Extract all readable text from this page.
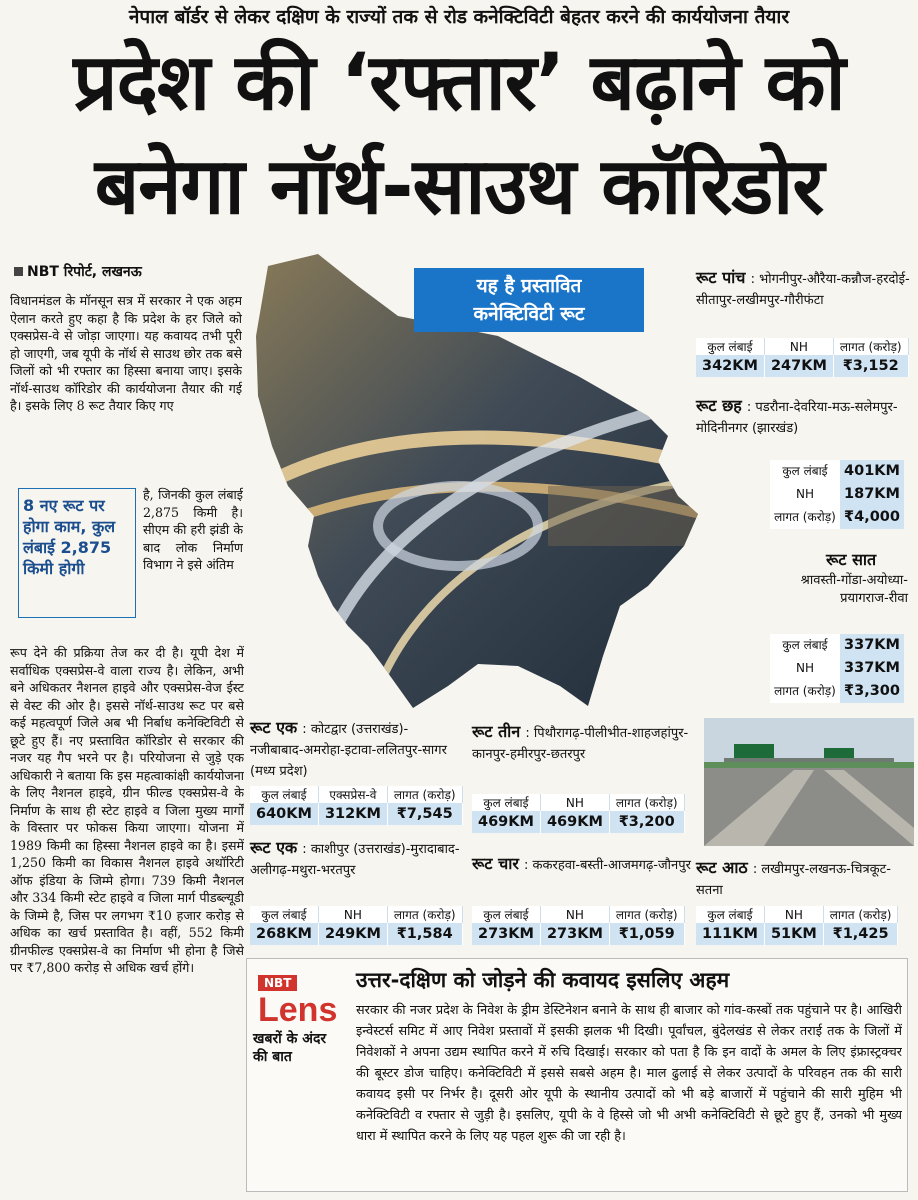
नेपाल बॉर्डर से लेकर दक्षिण के राज्यों तक से रोड कनेक्टिविटी बेहतर करने की कार्ययोजना तैयार
प्रदेश की ‘रफ्तार’ बढ़ाने को
बनेगा नॉर्थ-साउथ कॉरिडोर
NBT रिपोर्ट, लखनऊ
विधानमंडल के मॉनसून सत्र में सरकार ने एक अहम ऐलान करते हुए कहा है कि प्रदेश के हर जिले को एक्सप्रेस-वे से जोड़ा जाएगा। यह कवायद तभी पूरी हो जाएगी, जब यूपी के नॉर्थ से साउथ छोर तक बसे जिलों को भी रफ्तार का हिस्सा बनाया जाए। इसके नॉर्थ-साउथ कॉरिडोर की कार्ययोजना तैयार की गई है। इसके लिए 8 रूट तैयार किए गए
8 नए रूट पर होगा काम, कुल लंबाई 2,875 किमी होगी
है, जिनकी कुल लंबाई 2,875 किमी है। सीएम की हरी झंडी के बाद लोक निर्माण विभाग ने इसे अंतिम
रूप देने की प्रक्रिया तेज कर दी है। यूपी देश में सर्वाधिक एक्सप्रेस-वे वाला राज्य है। लेकिन, अभी बने अधिकतर नैशनल हाइवे और एक्सप्रेस-वेज ईस्ट से वेस्ट की ओर है। इससे नॉर्थ-साउथ रूट पर बसे कई महत्वपूर्ण जिले अब भी निर्बाध कनेक्टिविटी से छूटे हुए हैं। नए प्रस्तावित कॉरिडोर से सरकार की नजर यह गैप भरने पर है। परियोजना से जुड़े एक अधिकारी ने बताया कि इस महत्वाकांक्षी कार्ययोजना के लिए नैशनल हाइवे, ग्रीन फील्ड एक्सप्रेस-वे के निर्माण के साथ ही स्टेट हाइवे व जिला मुख्य मार्गों के विस्तार पर फोकस किया जाएगा। योजना में 1989 किमी का हिस्सा नैशनल हाइवे का है। इसमें 1,250 किमी का विकास नैशनल हाइवे अथॉरिटी ऑफ इंडिया के जिम्मे होगा। 739 किमी नैशनल और 334 किमी स्टेट हाइवे व जिला मार्ग पीडब्ल्यूडी के जिम्मे है, जिस पर लगभग ₹10 हजार करोड़ से अधिक का खर्च प्रस्तावित है। वहीं, 552 किमी ग्रीनफील्ड एक्सप्रेस-वे का निर्माण भी होना है जिसे पर ₹7,800 करोड़ से अधिक खर्च होंगे।
यह है प्रस्तावित
कनेक्टिविटी रूट
रूट पांच : भोगनीपुर-औरैया-कन्नौज-हरदोई-सीतापुर-लखीमपुर-गौरीफंटा
कुल लंबाई	NH	लागत (करोड़)
342KM	247KM	₹3,152
रूट छह : पडरौना-देवरिया-मऊ-सलेमपुर-मोदिनीनगर (झारखंड)
कुल लंबाई	401KM
NH	187KM
लागत (करोड़) ₹4,000
रूट सात
श्रावस्ती-गोंडा-अयोध्या-प्रयागराज-रीवा
कुल लंबाई	337KM
NH	337KM
लागत (करोड़) ₹3,300
रूट एक : कोटद्वार (उत्तराखंड)-नजीबाबाद-अमरोहा-इटावा-ललितपुर-सागर (मध्य प्रदेश)
कुल लंबाई	एक्सप्रेस-वे	लागत (करोड़)
640KM	312KM	₹7,545
रूट एक : काशीपुर (उत्तराखंड)-मुरादाबाद-अलीगढ़-मथुरा-भरतपुर
कुल लंबाई	NH	लागत (करोड़)
268KM	249KM	₹1,584
रूट तीन : पिथौरागढ़-पीलीभीत-शाहजहांपुर-कानपुर-हमीरपुर-छतरपुर
कुल लंबाई	NH	लागत (करोड़)
469KM	469KM	₹3,200
रूट चार : ककरहवा-बस्ती-आजमगढ़-जौनपुर
कुल लंबाई	NH	लागत (करोड़)
273KM	273KM	₹1,059
रूट आठ : लखीमपुर-लखनऊ-चित्रकूट-सतना
कुल लंबाई	NH	लागत (करोड़)
111KM	51KM	₹1,425
NBT
Lens
खबरों के अंदर की बात
उत्तर-दक्षिण को जोड़ने की कवायद इसलिए अहम
सरकार की नजर प्रदेश के निवेश के ड्रीम डेस्टिनेशन बनाने के साथ ही बाजार को गांव-कस्बों तक पहुंचाने पर है। आखिरी इन्वेस्टर्स समिट में आए निवेश प्रस्तावों में इसकी झलक भी दिखी। पूर्वांचल, बुंदेलखंड से लेकर तराई तक के जिलों में निवेशकों ने अपना उद्यम स्थापित करने में रुचि दिखाई। सरकार को पता है कि इन वादों के अमल के लिए इंफ्रास्ट्रक्चर की बूस्टर डोज चाहिए। कनेक्टिविटी में इससे सबसे अहम है। माल ढुलाई से लेकर उत्पादों के परिवहन तक की सारी कवायद इसी पर निर्भर है। दूसरी ओर यूपी के स्थानीय उत्पादों को भी बड़े बाजारों में पहुंचाने की सारी मुहिम भी कनेक्टिविटी व रफ्तार से जुड़ी है। इसलिए, यूपी के वे हिस्से जो भी अभी कनेक्टिविटी से छूटे हुए हैं, उनको भी मुख्य धारा में स्थापित करने के लिए यह पहल शुरू की जा रही है।
